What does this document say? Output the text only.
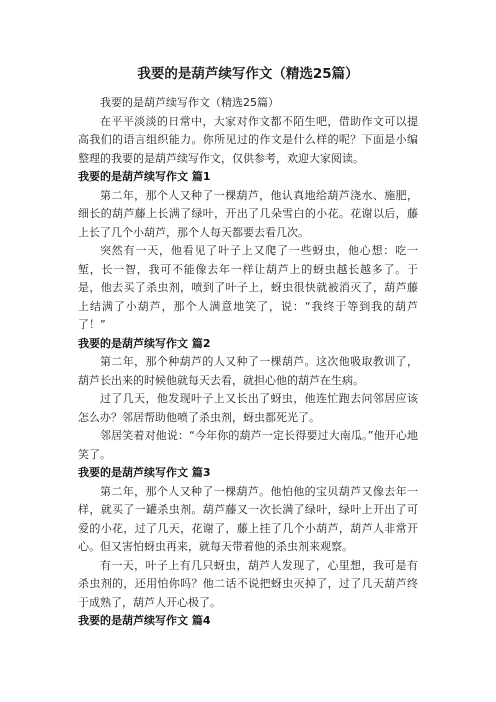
我要的是葫芦续写作文（精选25篇）

我要的是葫芦续写作文（精选25篇）

在平平淡淡的日常中，大家对作文都不陌生吧，借助作文可以提高我们的语言组织能力。你所见过的作文是什么样的呢？下面是小编整理的我要的是葫芦续写作文，仅供参考，欢迎大家阅读。

我要的是葫芦续写作文 篇1

第二年，那个人又种了一棵葫芦，他认真地给葫芦浇水、施肥，细长的葫芦藤上长满了绿叶，开出了几朵雪白的小花。花谢以后，藤上长了几个小葫芦，那个人每天都要去看几次。

突然有一天，他看见了叶子上又爬了一些蚜虫，他心想：吃一堑，长一智，我可不能像去年一样让葫芦上的蚜虫越长越多了。于是，他去买了杀虫剂，喷到了叶子上，蚜虫很快就被消灭了，葫芦藤上结满了小葫芦，那个人满意地笑了，说：“我终于等到我的葫芦了！”

我要的是葫芦续写作文 篇2

第二年，那个种葫芦的人又种了一棵葫芦。这次他吸取教训了，葫芦长出来的时候他就每天去看，就担心他的葫芦在生病。

过了几天，他发现叶子上又长出了蚜虫，他连忙跑去问邻居应该怎么办？邻居帮助他喷了杀虫剂，蚜虫都死光了。

邻居笑着对他说：“今年你的葫芦一定长得要过大南瓜。”他开心地笑了。

我要的是葫芦续写作文 篇3

第二年，那个人又种了一棵葫芦。他怕他的宝贝葫芦又像去年一样，就买了一罐杀虫剂。葫芦藤又一次长满了绿叶，绿叶上开出了可爱的小花，过了几天，花谢了，藤上挂了几个小葫芦，葫芦人非常开心。但又害怕蚜虫再来，就每天带着他的杀虫剂来观察。

有一天，叶子上有几只蚜虫，葫芦人发现了，心里想，我可是有杀虫剂的，还用怕你吗？他二话不说把蚜虫灭掉了，过了几天葫芦终于成熟了，葫芦人开心极了。

我要的是葫芦续写作文 篇4
